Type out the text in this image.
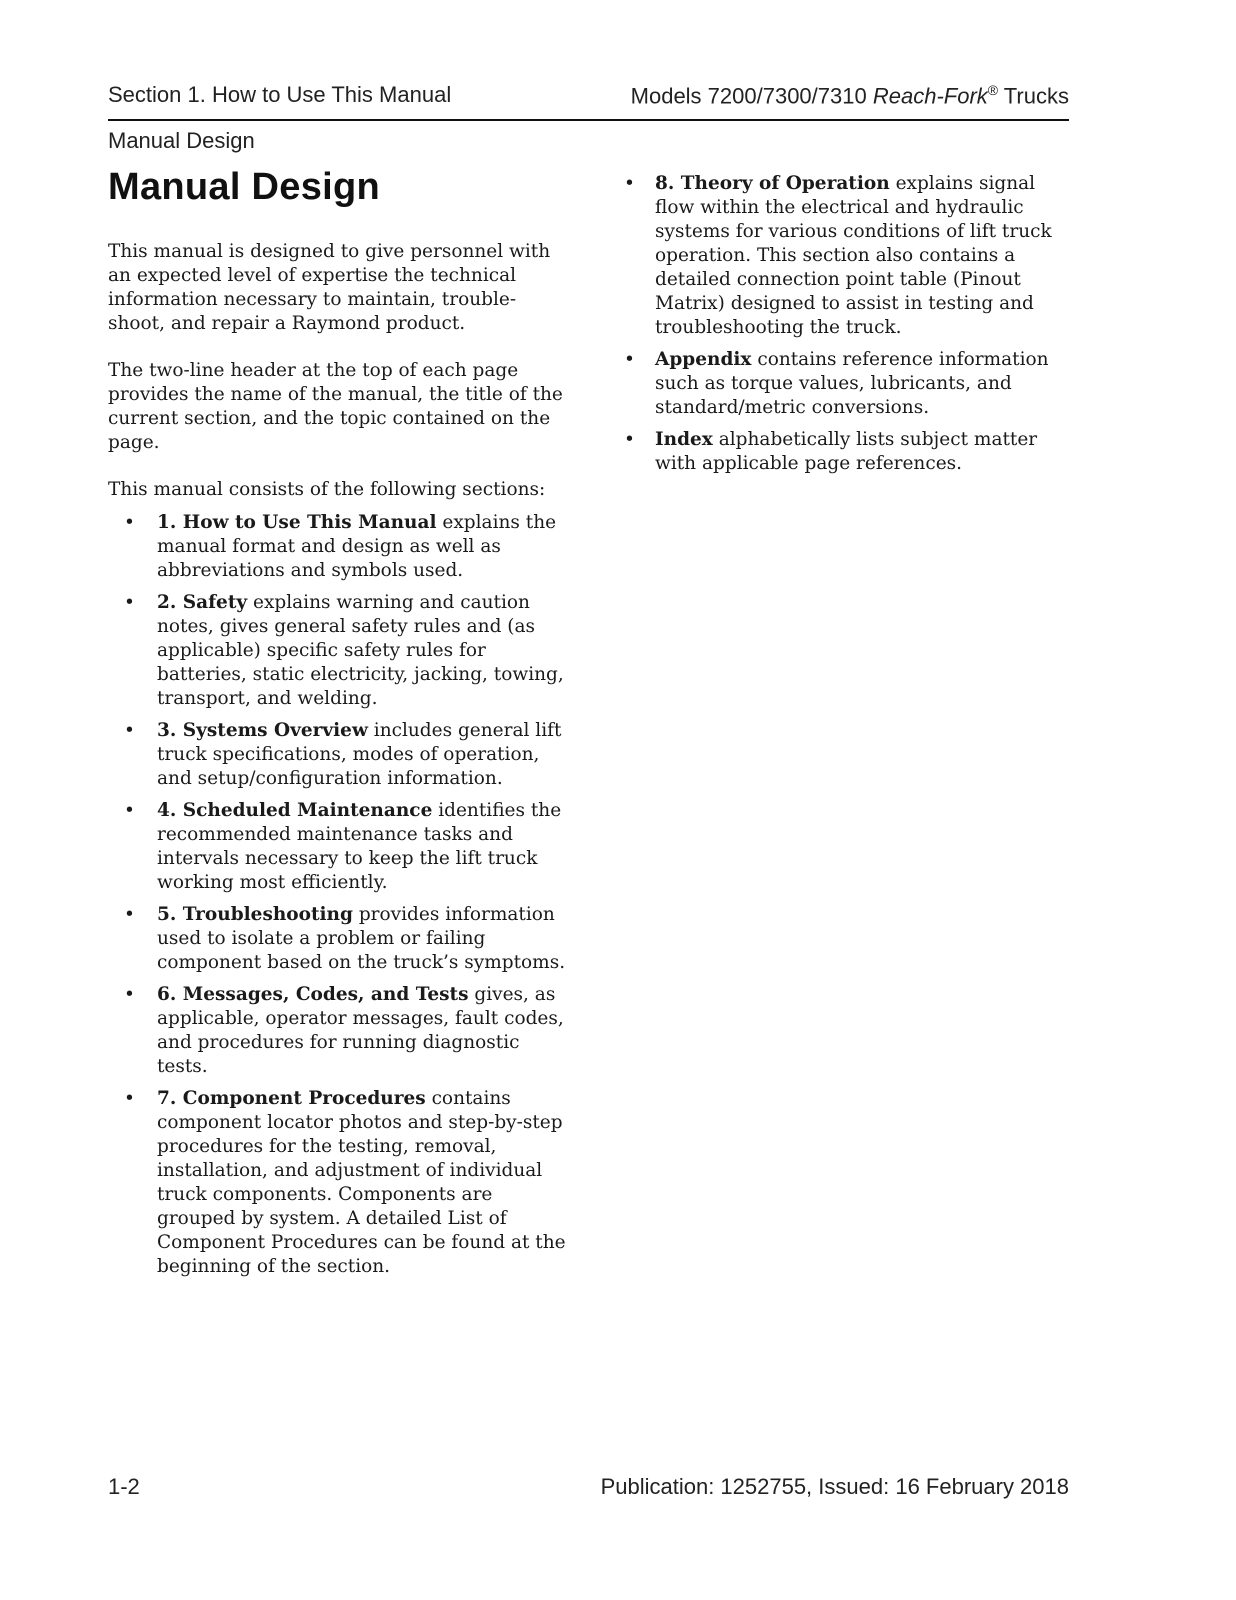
Section 1. How to Use This Manual	Models 7200/7300/7310 Reach-Fork® Trucks
Manual Design
Manual Design

This manual is designed to give personnel with an expected level of expertise the technical information necessary to maintain, trouble-shoot, and repair a Raymond product.

The two-line header at the top of each page provides the name of the manual, the title of the current section, and the topic contained on the page.

This manual consists of the following sections:

• 1. How to Use This Manual explains the manual format and design as well as abbreviations and symbols used.
• 2. Safety explains warning and caution notes, gives general safety rules and (as applicable) specific safety rules for batteries, static electricity, jacking, towing, transport, and welding.
• 3. Systems Overview includes general lift truck specifications, modes of operation, and setup/configuration information.
• 4. Scheduled Maintenance identifies the recommended maintenance tasks and intervals necessary to keep the lift truck working most efficiently.
• 5. Troubleshooting provides information used to isolate a problem or failing component based on the truck’s symptoms.
• 6. Messages, Codes, and Tests gives, as applicable, operator messages, fault codes, and procedures for running diagnostic tests.
• 7. Component Procedures contains component locator photos and step-by-step procedures for the testing, removal, installation, and adjustment of individual truck components. Components are grouped by system. A detailed List of Component Procedures can be found at the beginning of the section.
• 8. Theory of Operation explains signal flow within the electrical and hydraulic systems for various conditions of lift truck operation. This section also contains a detailed connection point table (Pinout Matrix) designed to assist in testing and troubleshooting the truck.
• Appendix contains reference information such as torque values, lubricants, and standard/metric conversions.
• Index alphabetically lists subject matter with applicable page references.
1-2	Publication: 1252755, Issued: 16 February 2018
